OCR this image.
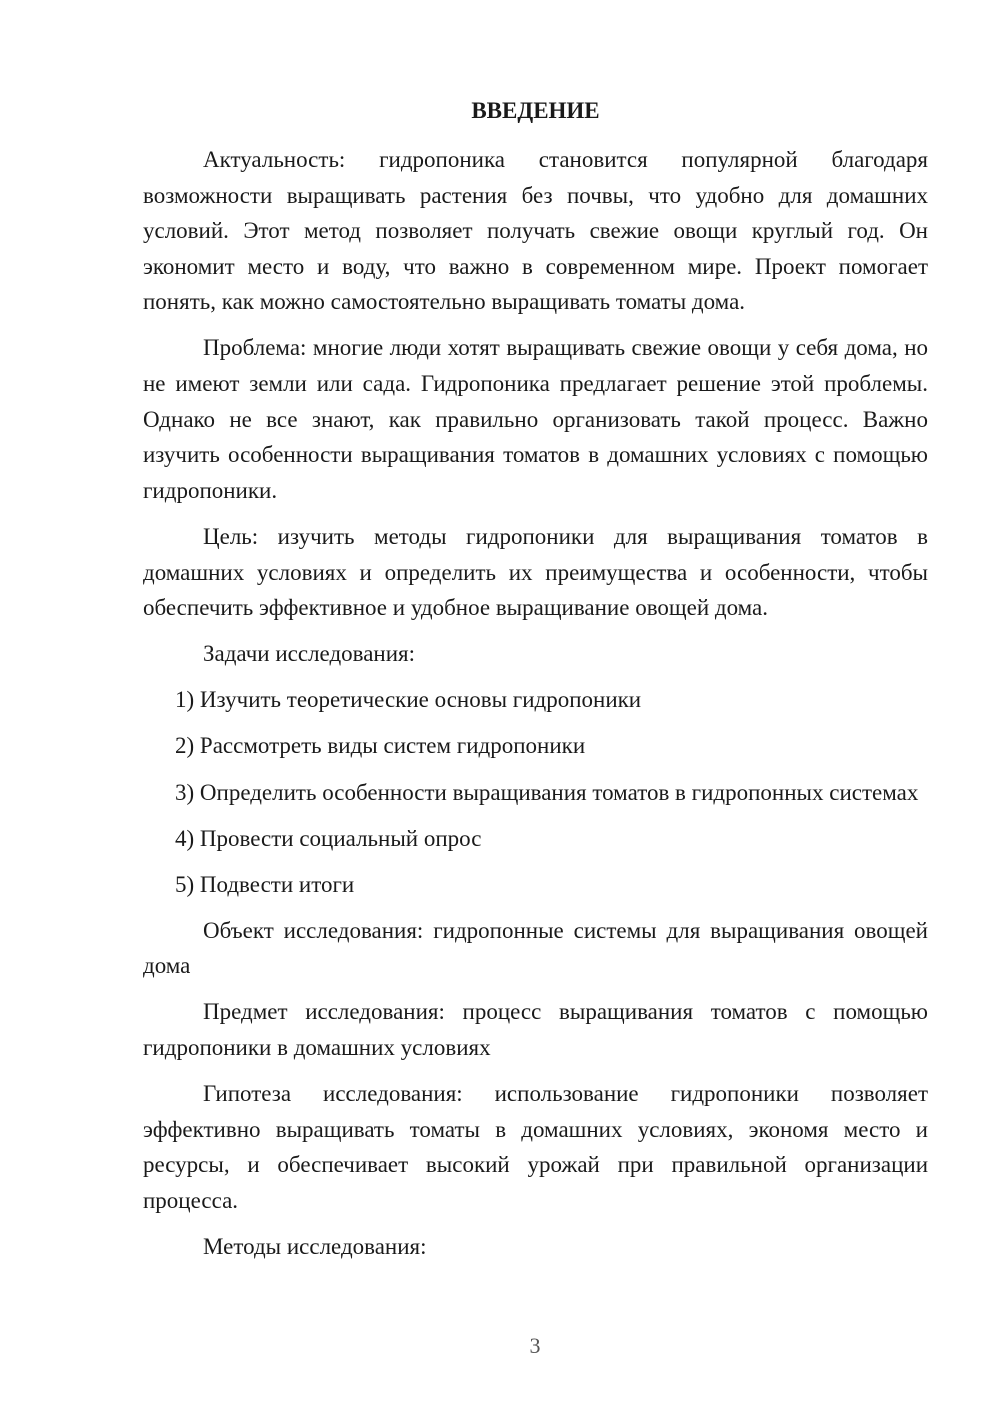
ВВЕДЕНИЕ

Актуальность: гидропоника становится популярной благодаря возможности выращивать растения без почвы, что удобно для домашних условий. Этот метод позволяет получать свежие овощи круглый год. Он экономит место и воду, что важно в современном мире. Проект помогает понять, как можно самостоятельно выращивать томаты дома.

Проблема: многие люди хотят выращивать свежие овощи у себя дома, но не имеют земли или сада. Гидропоника предлагает решение этой проблемы. Однако не все знают, как правильно организовать такой процесс. Важно изучить особенности выращивания томатов в домашних условиях с помощью гидропоники.

Цель: изучить методы гидропоники для выращивания томатов в домашних условиях и определить их преимущества и особенности, чтобы обеспечить эффективное и удобное выращивание овощей дома.

Задачи исследования:

1) Изучить теоретические основы гидропоники

2) Рассмотреть виды систем гидропоники

3) Определить особенности выращивания томатов в гидропонных системах

4) Провести социальный опрос

5) Подвести итоги

Объект исследования: гидропонные системы для выращивания овощей дома

Предмет исследования: процесс выращивания томатов с помощью гидропоники в домашних условиях

Гипотеза исследования: использование гидропоники позволяет эффективно выращивать томаты в домашних условиях, экономя место и ресурсы, и обеспечивает высокий урожай при правильной организации процесса.

Методы исследования:

3
